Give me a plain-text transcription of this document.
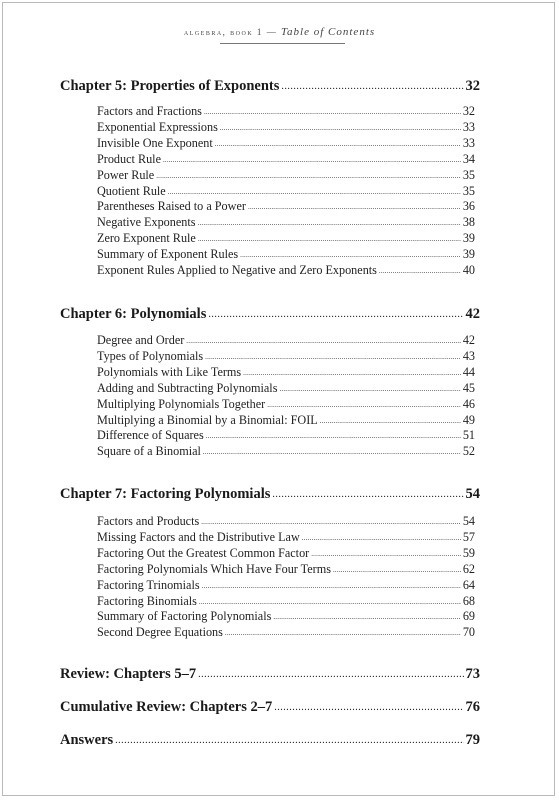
algebra, book 1 — Table of Contents
Chapter 5: Properties of Exponents .....	32
Factors and Fractions .....	32
Exponential Expressions .....	33
Invisible One Exponent .....	33
Product Rule .....	34
Power Rule .....	35
Quotient Rule .....	35
Parentheses Raised to a Power .....	36
Negative Exponents .....	38
Zero Exponent Rule .....	39
Summary of Exponent Rules .....	39
Exponent Rules Applied to Negative and Zero Exponents .....	40
Chapter 6: Polynomials .....	42
Degree and Order .....	42
Types of Polynomials .....	43
Polynomials with Like Terms .....	44
Adding and Subtracting Polynomials .....	45
Multiplying Polynomials Together .....	46
Multiplying a Binomial by a Binomial: FOIL .....	49
Difference of Squares .....	51
Square of a Binomial .....	52
Chapter 7: Factoring Polynomials .....	54
Factors and Products .....	54
Missing Factors and the Distributive Law .....	57
Factoring Out the Greatest Common Factor .....	59
Factoring Polynomials Which Have Four Terms .....	62
Factoring Trinomials .....	64
Factoring Binomials .....	68
Summary of Factoring Polynomials .....	69
Second Degree Equations .....	70
Review: Chapters 5–7 .....	73
Cumulative Review: Chapters 2–7 .....	76
Answers .....	79
